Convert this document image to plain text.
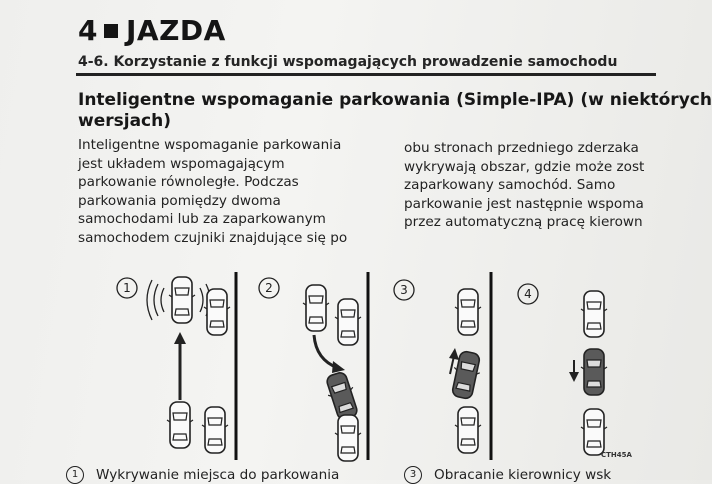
4 JAZDA
4-6. Korzystanie z funkcji wspomagających prowadzenie samochodu
Inteligentne wspomaganie parkowania (Simple-IPA) (w niektórych
wersjach)
Inteligentne wspomaganie parkowania
jest układem wspomagającym
parkowanie równoległe. Podczas
parkowania pomiędzy dwoma
samochodami lub za zaparkowanym
samochodem czujniki znajdujące się po
obu stronach przedniego zderzaka
wykrywają obszar, gdzie może zost
zaparkowany samochód. Samo
parkowanie jest następnie wspoma
przez automatyczną pracę kierown
1	2	3	4
CTH45A
1	Wykrywanie miejsca do parkowania	3	Obracanie kierownicy wsk
